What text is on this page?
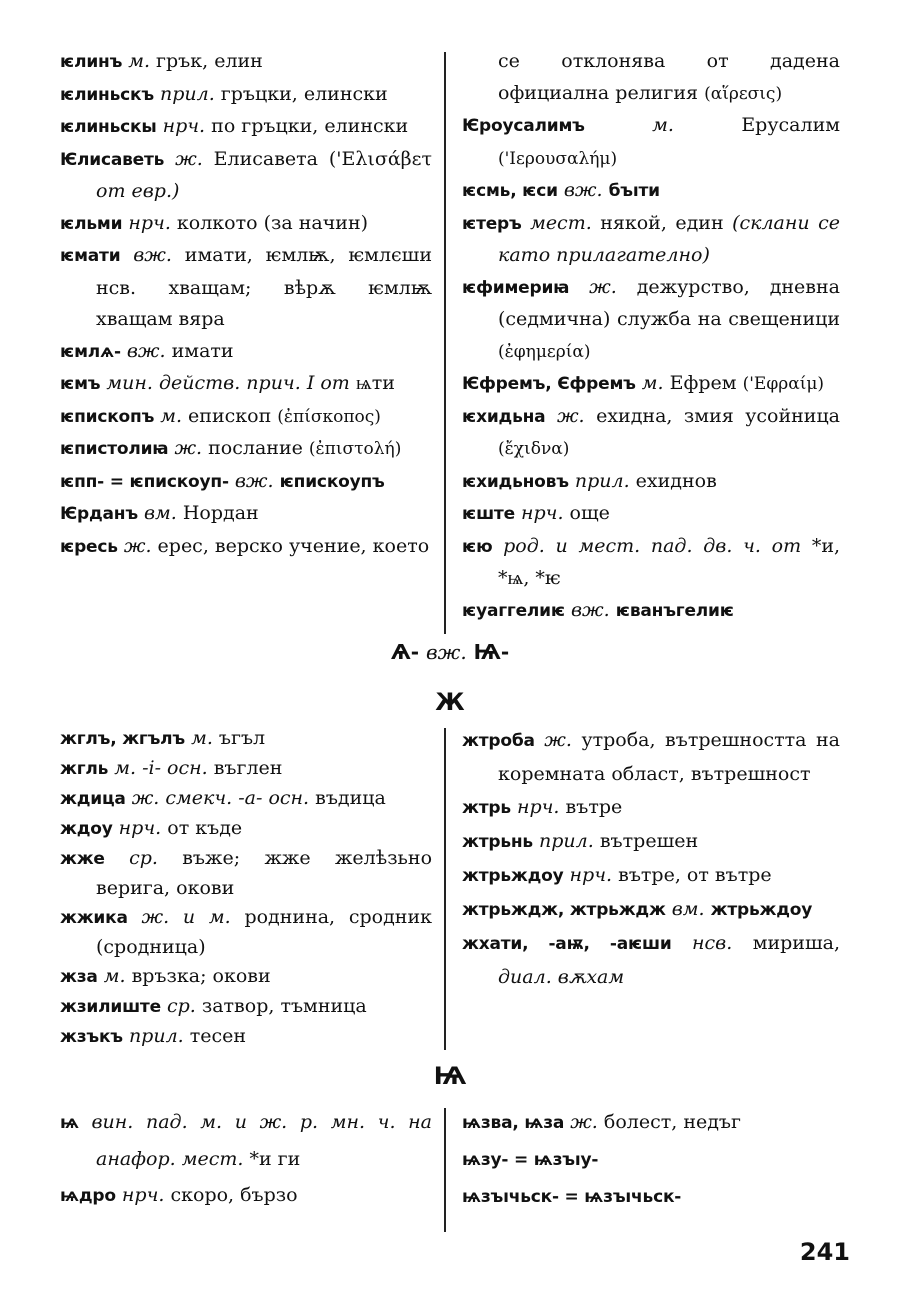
ѥлинъ м. грък, елин

ѥлиньскъ прил. гръцки, елински

ѥлиньскы нрч. по гръцки, елински

Ѥлисаветь ж. Елисавета ('Ελισάβετ от евр.)

ѥльми нрч. колкото (за начин)

ѥмати вж. имати, ѥмлѭ, ѥмлєши нсв. хващам; вѣрѫ ѥмлѭ хващам вяра

ѥмлѧ- вж. имати

ѥмъ мин. действ. прич. I от ѩти

ѥпископъ м. епископ (ἐπίσκοπος)

ѥпистолиꙗ ж. послание (ἐπιστολή)

ѥпп- = ѥпискоуп- вж. ѥпискоупъ

Ѥрданъ вм. Нордан

ѥресь ж. ерес, верско учение, което

се отклонява от дадена официална религия (αἵρεσις)

Ѥроусалимъ	м.	Ерусалим ('Ιερουσαλήμ)

ѥсмь, ѥси вж. бъıти

ѥтеръ мест. някой, един (склани се като прилагателно)

ѥфимериꙗ ж. дежурство, дневна (седмична) служба на свещеници (ἐφημερία)

Ѥфремъ, Єфремъ м. Ефрем ('Εφραίμ)

ѥхидьна ж. ехидна, змия усойница (ἔχιδνα)

ѥхидьновъ прил. ехиднов

ѥште нрч. още

ѥю род. и мест. пад. дв. ч. от *и, *ѩ, *ѥ

ѥуаггелиѥ вж. ѥванъгелиѥ

Ѧ- вж. Ѩ-
Ж

жглъ, жгълъ м. ъгъл

жгль м. -і- осн. въглен

ждица ж. смекч. -а- осн. въдица

ждоу нрч. от къде

жже ср. въже; жже желѣзьно верига, окови

жжика ж. и м. роднина, сродник (сродница)

жза м. връзка; окови

жзилиште ср. затвор, тъмница

жзъкъ прил. тесен

жтроба ж. утроба, вътрешността на коремната област, вътрешност

жтрь нрч. вътре

жтрьнь прил. вътрешен

жтрьждоу нрч. вътре, от вътре

жтрьждж, жтрьждж вм. жтрьждоу

жхати, -аѭ, -аѥши нсв. мириша, диал. вѫхам

Ѩ

ѩ вин. пад. м. и ж. р. мн. ч. на анафор. мест. *и ги

ѩдро нрч. скоро, бързо

ѩзва, ѩза ж. болест, недъг

ѩзу- = ѩзъıу-

ѩзъıчьск- = ѩзъıчьск-

241
